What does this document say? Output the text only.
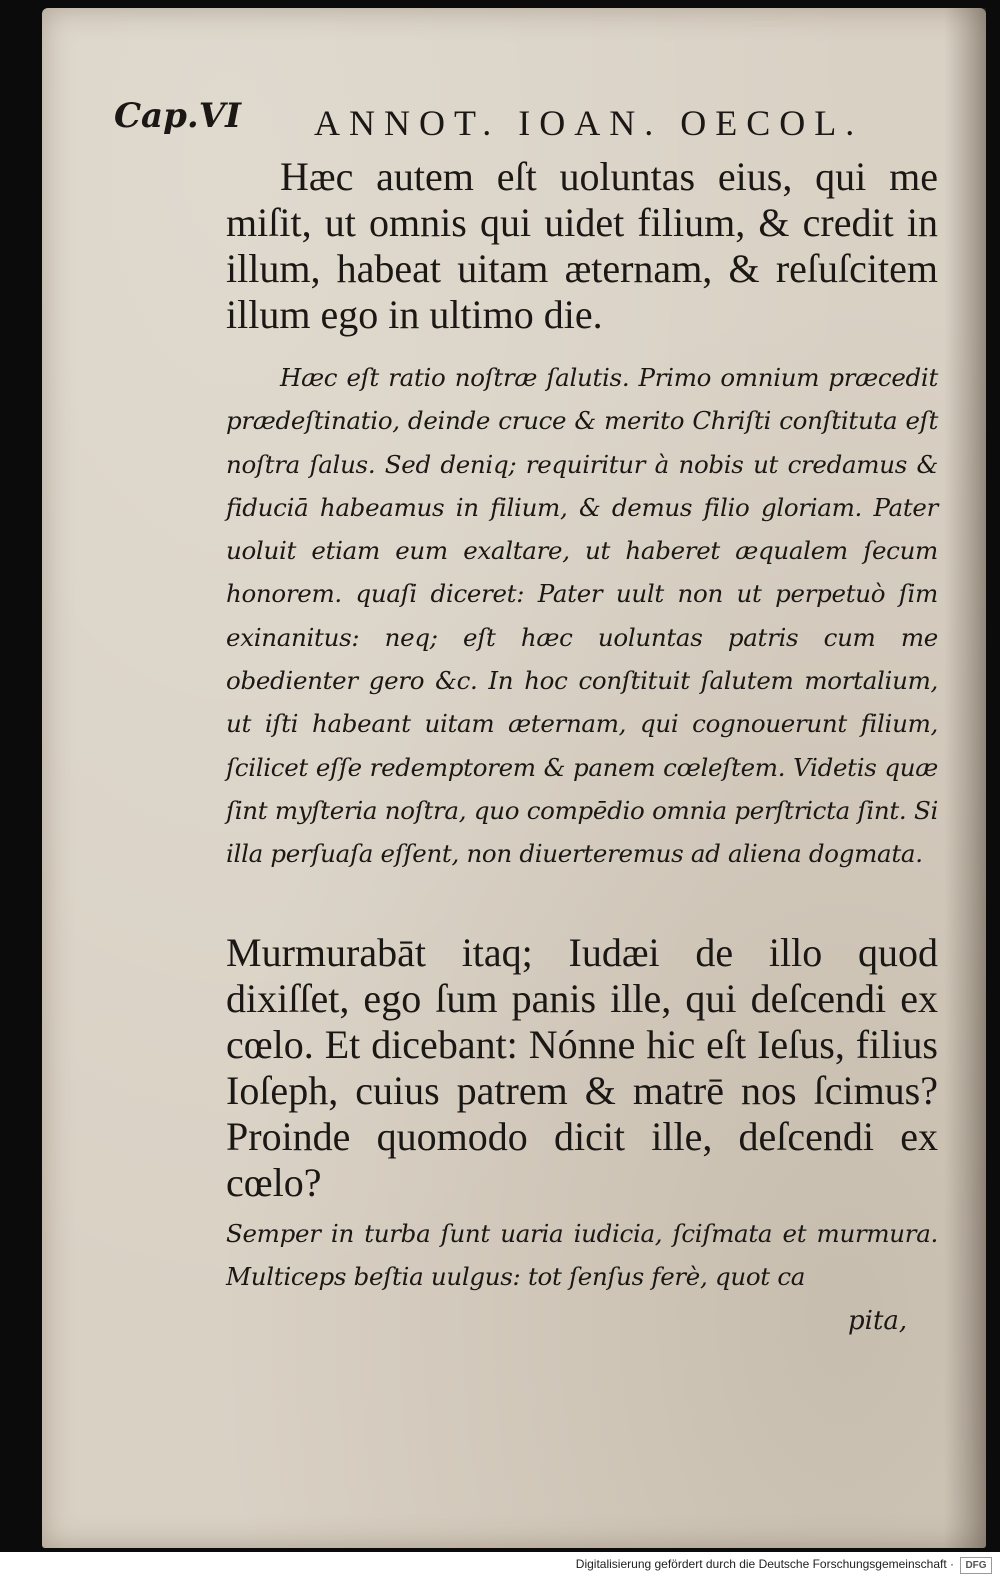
Cap.VI ANNOT. IOAN. OECOL.

Hæc autem eſt uoluntas eius, qui me miſit, ut omnis qui uidet filium, & credit in illum, habeat uitam æternam, & reſuſcitem illum ego in ultimo die.

Hæc eſt ratio noſtræ ſalutis. Primo omnium præcedit prædeſtinatio, deinde cruce & merito Chriſti conſtituta eſt noſtra ſalus. Sed deniq; requiritur à nobis ut credamus & fiduciā habeamus in filium, & demus filio gloriam. Pater uoluit etiam eum exaltare, ut haberet æqualem ſecum honorem. quaſi diceret: Pater uult non ut perpetuò ſim exinanitus: neq; eſt hæc uoluntas patris cum me obedienter gero &c. In hoc conſtituit ſalutem mortalium, ut iſti habeant uitam æternam, qui cognouerunt filium, ſcilicet eſſe redemptorem & panem cœleſtem. Videtis quæ ſint myſteria noſtra, quo compēdio omnia perſtricta ſint. Si illa perſuaſa eſſent, non diuerteremus ad aliena dogmata.

Murmurabāt itaq; Iudæi de illo quod dixiſſet, ego ſum panis ille, qui deſcendi ex cœlo. Et dicebant: Nónne hic eſt Ieſus, filius Ioſeph, cuius patrem & matrē nos ſcimus? Proinde quomodo dicit ille, deſcendi ex cœlo?

Semper in turba ſunt uaria iudicia, ſciſmata et murmura. Multiceps beſtia uulgus: tot ſenſus ferè, quot ca

pita,
Digitalisierung gefördert durch die Deutsche Forschungsgemeinschaft ·	DFG
